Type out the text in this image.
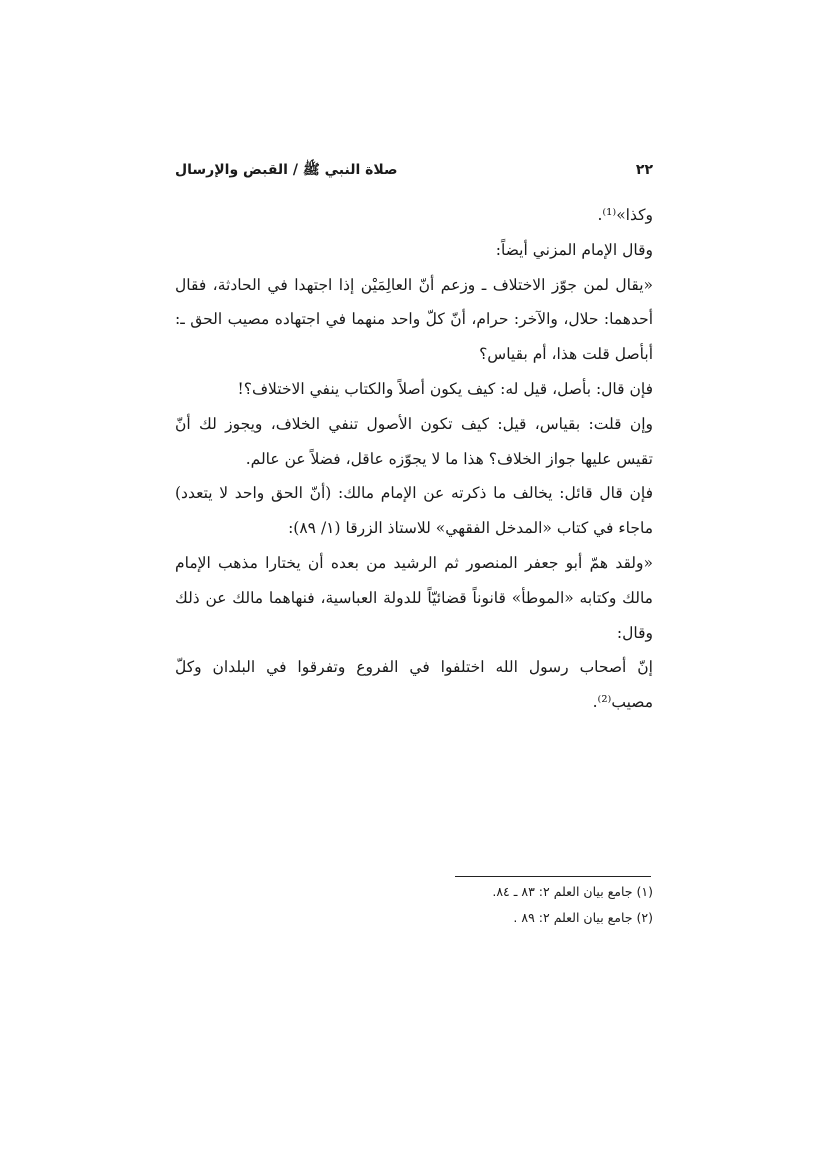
٢٢
صلاة النبي ﷺ / القبض والإرسال

وكذا»⁽¹⁾.

وقال الإمام المزني أيضاً:

«يقال لمن جوّز الاختلاف ـ وزعم أنّ العالِمَيْن إذا اجتهدا في الحادثة، فقال أحدهما: حلال، والآخر: حرام، أنّ كلّ واحد منهما في اجتهاده مصيب الحق ـ: أبأصل قلت هذا، أم بقياس؟

فإن قال: بأصل، قيل له: كيف يكون أصلاً والكتاب ينفي الاختلاف؟!

وإن قلت: بقياس، قيل: كيف تكون الأصول تنفي الخلاف، ويجوز لك أنّ تقيس عليها جواز الخلاف؟ هذا ما لا يجوّزه عاقل، فضلاً عن عالم.

فإن قال قائل: يخالف ما ذكرته عن الإمام مالك: (أنّ الحق واحد لا يتعدد) ماجاء في كتاب «المدخل الفقهي» للاستاذ الزرقا (١/ ٨٩):

«ولقد همّ أبو جعفر المنصور ثم الرشيد من بعده أن يختارا مذهب الإمام مالك وكتابه «الموطأ» قانوناً قضائيّاً للدولة العباسية، فنهاهما مالك عن ذلك وقال:

إنّ أصحاب رسول الله اختلفوا في الفروع وتفرقوا في البلدان وكلّ مصيب⁽²⁾.

(١) جامع بيان العلم ٢: ٨٣ ـ ٨٤.

(٢) جامع بيان العلم ٢: ٨٩ .
